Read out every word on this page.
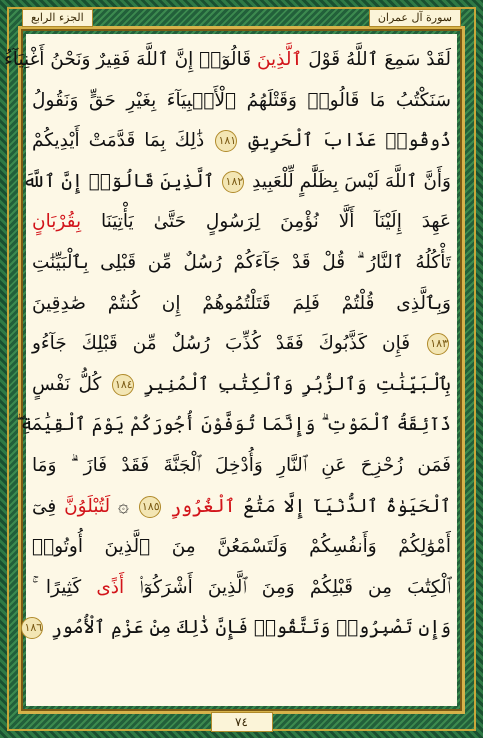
الجزء الرابع	سورة آل عمران
لَقَدْ سَمِعَ ٱللَّهُ قَوْلَ ٱلَّذِينَ قَالُوٓا۟ إِنَّ ٱللَّهَ فَقِيرٌ وَنَحْنُ أَغْنِيَآءُ
سَنَكْتُبُ مَا قَالُوا۟ وَقَتْلَهُمُ ٱلْأَنۢبِيَآءَ بِغَيْرِ حَقٍّ وَنَقُولُ
ذُوقُوا۟ عَذَابَ ٱلْحَرِيقِ ١٨١ ذَٰلِكَ بِمَا قَدَّمَتْ أَيْدِيكُمْ
وَأَنَّ ٱللَّهَ لَيْسَ بِظَلَّٰمٍ لِّلْعَبِيدِ ١٨٢ ٱلَّذِينَ قَالُوٓا۟ إِنَّ ٱللَّهَ
عَهِدَ إِلَيْنَآ أَلَّا نُؤْمِنَ لِرَسُولٍ حَتَّىٰ يَأْتِيَنَا بِقُرْبَانٍ
تَأْكُلُهُ ٱلنَّارُ ۗ قُلْ قَدْ جَآءَكُمْ رُسُلٌ مِّن قَبْلِى بِٱلْبَيِّنَٰتِ
وَبِٱلَّذِى قُلْتُمْ فَلِمَ قَتَلْتُمُوهُمْ إِن كُنتُمْ صَٰدِقِينَ
١٨٣ فَإِن كَذَّبُوكَ فَقَدْ كُذِّبَ رُسُلٌ مِّن قَبْلِكَ جَآءُو
بِٱلْبَيِّنَٰتِ وَٱلزُّبُرِ وَٱلْكِتَٰبِ ٱلْمُنِيرِ ١٨٤ كُلُّ نَفْسٍ
ذَآئِقَةُ ٱلْمَوْتِ ۗ وَإِنَّمَا تُوَفَّوْنَ أُجُورَكُمْ يَوْمَ ٱلْقِيَٰمَةِ ۖ
فَمَن زُحْزِحَ عَنِ ٱلنَّارِ وَأُدْخِلَ ٱلْجَنَّةَ فَقَدْ فَازَ ۗ وَمَا
ٱلْحَيَوٰةُ ٱلدُّنْيَآ إِلَّا مَتَٰعُ ٱلْغُرُورِ ١٨٥ ۞ لَتُبْلَوُنَّ فِىٓ
أَمْوَٰلِكُمْ وَأَنفُسِكُمْ وَلَتَسْمَعُنَّ مِنَ ٱلَّذِينَ أُوتُوا۟
ٱلْكِتَٰبَ مِن قَبْلِكُمْ وَمِنَ ٱلَّذِينَ أَشْرَكُوٓا۟ أَذًى كَثِيرًا ۚ
وَإِن تَصْبِرُوا۟ وَتَتَّقُوا۟ فَإِنَّ ذَٰلِكَ مِنْ عَزْمِ ٱلْأُمُورِ ١٨٦
٧٤
